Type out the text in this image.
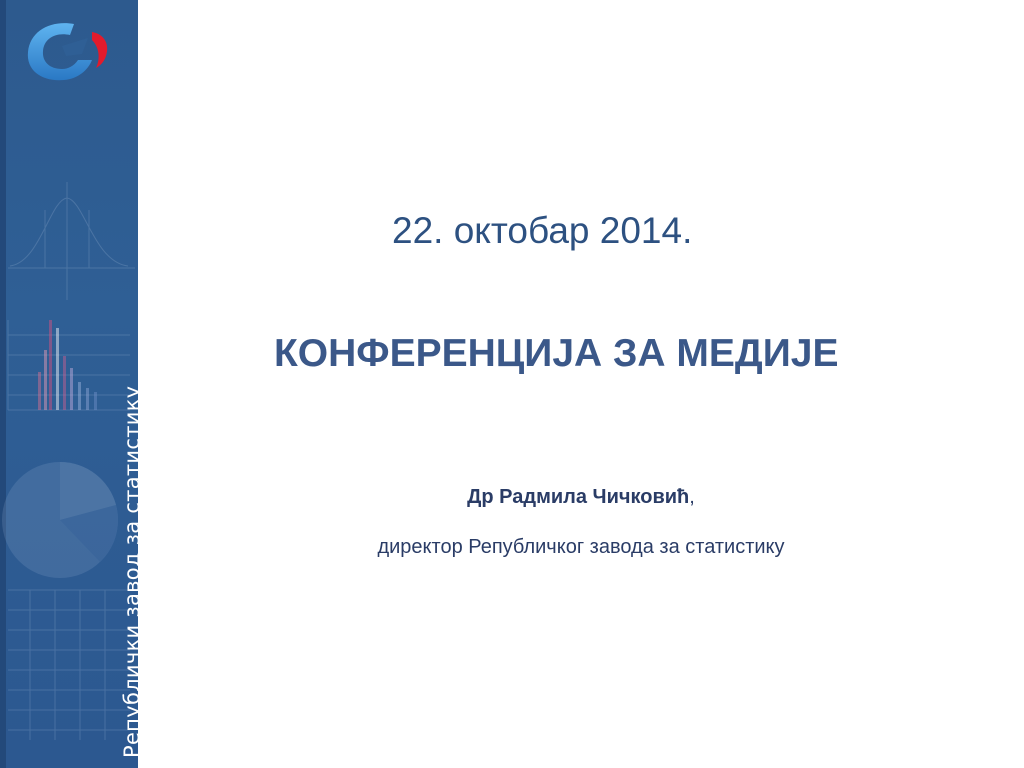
Републички завод за статистику
22. октобар 2014.
КОНФЕРЕНЦИЈА ЗА МЕДИЈЕ
Др Радмила Чичковић,
директор Републичког завода за статистику
